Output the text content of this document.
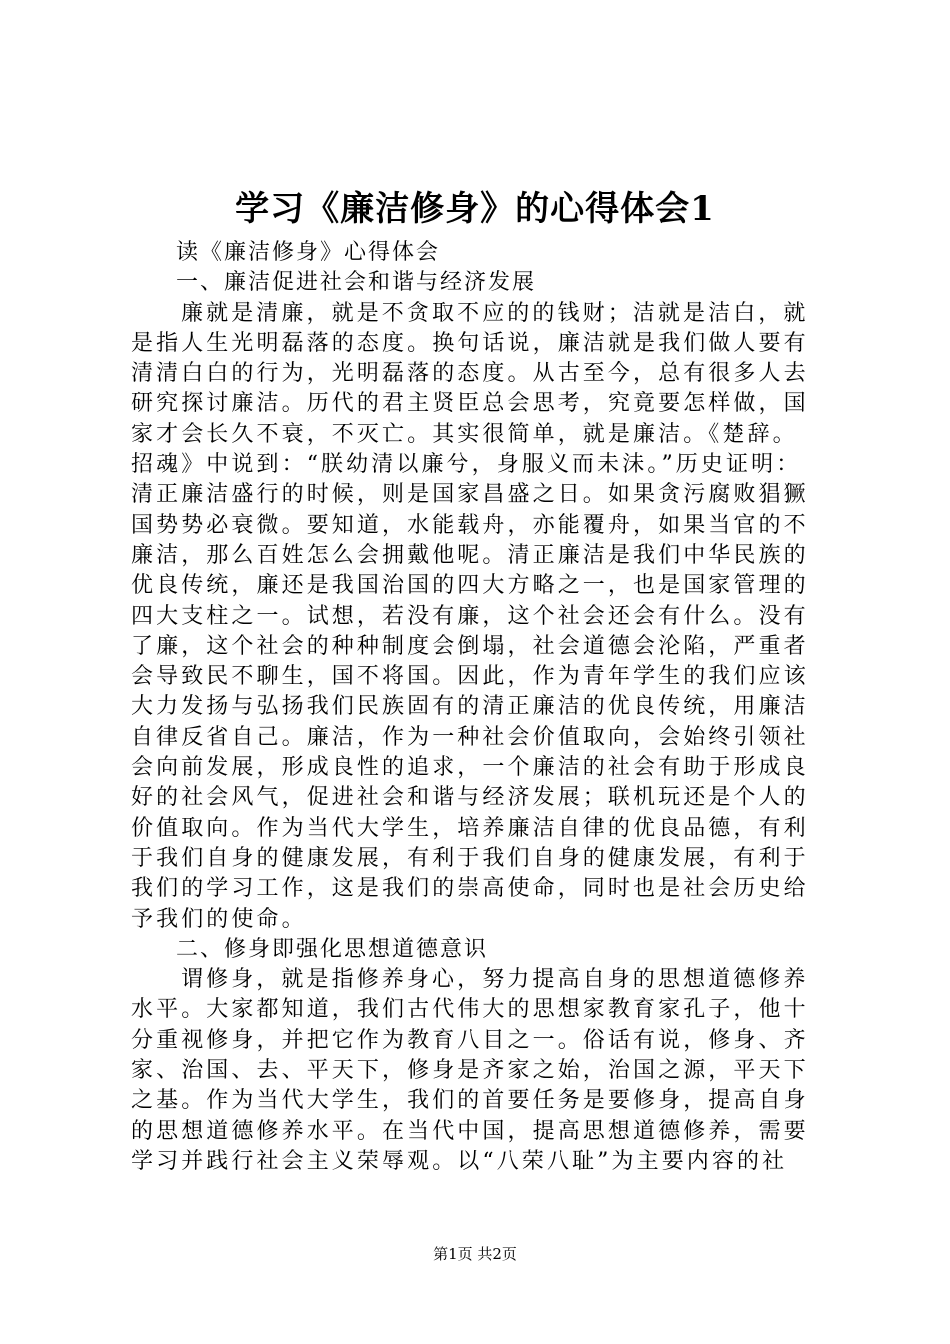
学习《廉洁修身》的心得体会1
读《廉洁修身》心得体会
一、廉洁促进社会和谐与经济发展
廉就是清廉，就是不贪取不应的的钱财；洁就是洁白，就
是指人生光明磊落的态度。换句话说，廉洁就是我们做人要有
清清白白的行为，光明磊落的态度。从古至今，总有很多人去
研究探讨廉洁。历代的君主贤臣总会思考，究竟要怎样做，国
家才会长久不衰，不灭亡。其实很简单，就是廉洁。《楚辞。
招魂》中说到：“朕幼清以廉兮，身服义而未沬。”历史证明：
清正廉洁盛行的时候，则是国家昌盛之日。如果贪污腐败猖獗
国势势必衰微。要知道，水能载舟，亦能覆舟，如果当官的不
廉洁，那么百姓怎么会拥戴他呢。清正廉洁是我们中华民族的
优良传统，廉还是我国治国的四大方略之一，也是国家管理的
四大支柱之一。试想，若没有廉，这个社会还会有什么。没有
了廉，这个社会的种种制度会倒塌，社会道德会沦陷，严重者
会导致民不聊生，国不将国。因此，作为青年学生的我们应该
大力发扬与弘扬我们民族固有的清正廉洁的优良传统，用廉洁
自律反省自己。廉洁，作为一种社会价值取向，会始终引领社
会向前发展，形成良性的追求，一个廉洁的社会有助于形成良
好的社会风气，促进社会和谐与经济发展；联机玩还是个人的
价值取向。作为当代大学生，培养廉洁自律的优良品德，有利
于我们自身的健康发展，有利于我们自身的健康发展，有利于
我们的学习工作，这是我们的崇高使命，同时也是社会历史给
予我们的使命。
二、修身即强化思想道德意识
谓修身，就是指修养身心，努力提高自身的思想道德修养
水平。大家都知道，我们古代伟大的思想家教育家孔子，他十
分重视修身，并把它作为教育八目之一。俗话有说，修身、齐
家、治国、去、平天下，修身是齐家之始，治国之源，平天下
之基。作为当代大学生，我们的首要任务是要修身，提高自身
的思想道德修养水平。在当代中国，提高思想道德修养，需要
学习并践行社会主义荣辱观。以“八荣八耻”为主要内容的社
第1页 共2页
